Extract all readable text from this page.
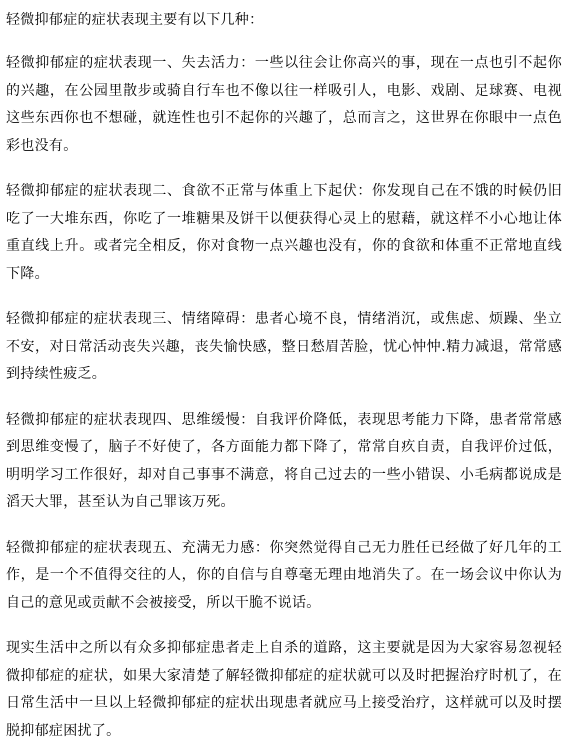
轻微抑郁症的症状表现主要有以下几种：

轻微抑郁症的症状表现一、失去活力：一些以往会让你高兴的事，现在一点也引不起你的兴趣，在公园里散步或骑自行车也不像以往一样吸引人，电影、戏剧、足球赛、电视这些东西你也不想碰，就连性也引不起你的兴趣了，总而言之，这世界在你眼中一点色彩也没有。

轻微抑郁症的症状表现二、食欲不正常与体重上下起伏：你发现自己在不饿的时候仍旧吃了一大堆东西，你吃了一堆糖果及饼干以便获得心灵上的慰藉，就这样不小心地让体重直线上升。或者完全相反，你对食物一点兴趣也没有，你的食欲和体重不正常地直线下降。

轻微抑郁症的症状表现三、情绪障碍：患者心境不良，情绪消沉，或焦虑、烦躁、坐立不安，对日常活动丧失兴趣，丧失愉快感，整日愁眉苦脸，忧心忡忡.精力减退，常常感到持续性疲乏。

轻微抑郁症的症状表现四、思维缓慢：自我评价降低，表现思考能力下降，患者常常感到思维变慢了，脑子不好使了，各方面能力都下降了，常常自疚自责，自我评价过低，明明学习工作很好，却对自己事事不满意，将自己过去的一些小错误、小毛病都说成是滔天大罪，甚至认为自己罪该万死。

轻微抑郁症的症状表现五、充满无力感：你突然觉得自己无力胜任已经做了好几年的工作，是一个不值得交往的人，你的自信与自尊毫无理由地消失了。在一场会议中你认为自己的意见或贡献不会被接受，所以干脆不说话。

现实生活中之所以有众多抑郁症患者走上自杀的道路，这主要就是因为大家容易忽视轻微抑郁症的症状，如果大家清楚了解轻微抑郁症的症状就可以及时把握治疗时机了，在日常生活中一旦以上轻微抑郁症的症状出现患者就应马上接受治疗，这样就可以及时摆脱抑郁症困扰了。
